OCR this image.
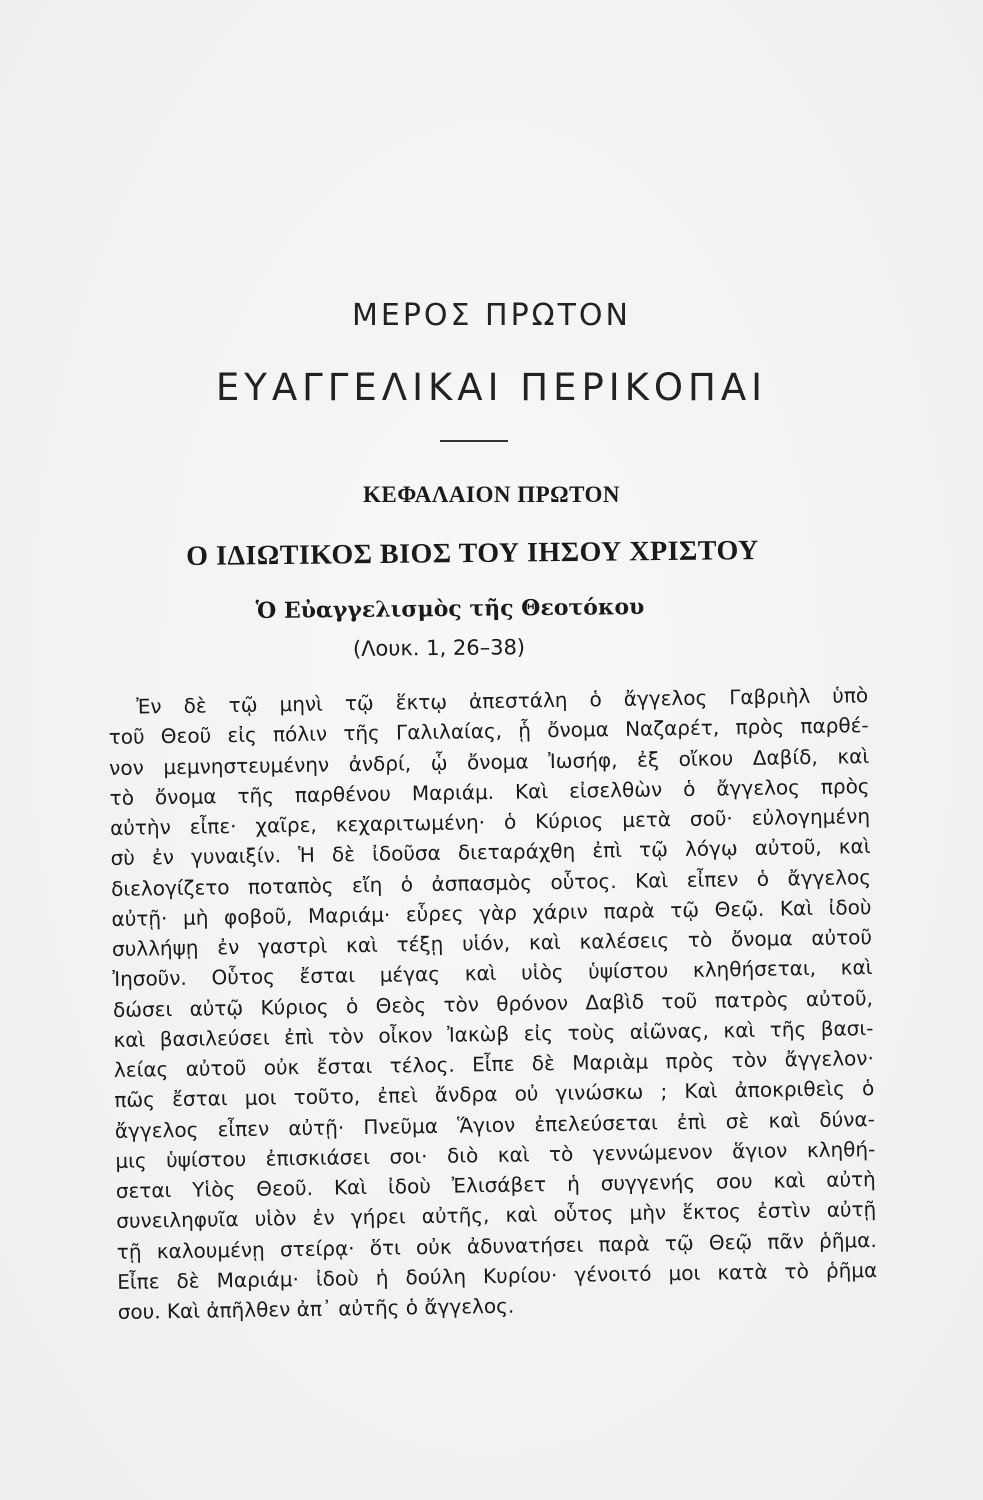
ΜΕΡΟΣ ΠΡΩΤΟΝ
ΕΥΑΓΓΕΛΙΚΑΙ ΠΕΡΙΚΟΠΑΙ
ΚΕΦΑΛΑΙΟΝ ΠΡΩΤΟΝ
Ο ΙΔΙΩΤΙΚΟΣ ΒΙΟΣ ΤΟΥ ΙΗΣΟΥ ΧΡΙΣΤΟΥ
Ὁ Εὐαγγελισμὸς τῆς Θεοτόκου
(Λουκ. 1, 26–38)
Ἐν δὲ τῷ μηνὶ τῷ ἕκτῳ ἀπεστάλη ὁ ἄγγελος Γαβριὴλ ὑπὸ
τοῦ Θεοῦ εἰς πόλιν τῆς Γαλιλαίας, ᾗ ὄνομα Ναζαρέτ, πρὸς παρθέ-
νον μεμνηστευμένην ἀνδρί, ᾧ ὄνομα Ἰωσήφ, ἐξ οἴκου Δαβίδ, καὶ
τὸ ὄνομα τῆς παρθένου Μαριάμ. Καὶ εἰσελθὼν ὁ ἄγγελος πρὸς
αὐτὴν εἶπε· χαῖρε, κεχαριτωμένη· ὁ Κύριος μετὰ σοῦ· εὐλογημένη
σὺ ἐν γυναιξίν. Ἡ δὲ ἰδοῦσα διεταράχθη ἐπὶ τῷ λόγῳ αὐτοῦ, καὶ
διελογίζετο ποταπὸς εἴη ὁ ἀσπασμὸς οὗτος. Καὶ εἶπεν ὁ ἄγγελος
αὐτῇ· μὴ φοβοῦ, Μαριάμ· εὗρες γὰρ χάριν παρὰ τῷ Θεῷ. Καὶ ἰδοὺ
συλλήψῃ ἐν γαστρὶ καὶ τέξῃ υἱόν, καὶ καλέσεις τὸ ὄνομα αὐτοῦ
Ἰησοῦν. Οὗτος ἔσται μέγας καὶ υἱὸς ὑψίστου κληθήσεται, καὶ
δώσει αὐτῷ Κύριος ὁ Θεὸς τὸν θρόνον Δαβὶδ τοῦ πατρὸς αὐτοῦ,
καὶ βασιλεύσει ἐπὶ τὸν οἶκον Ἰακὼβ εἰς τοὺς αἰῶνας, καὶ τῆς βασι-
λείας αὐτοῦ οὐκ ἔσται τέλος. Εἶπε δὲ Μαριὰμ πρὸς τὸν ἄγγελον·
πῶς ἔσται μοι τοῦτο, ἐπεὶ ἄνδρα οὐ γινώσκω ; Καὶ ἀποκριθεὶς ὁ
ἄγγελος εἶπεν αὐτῇ· Πνεῦμα Ἅγιον ἐπελεύσεται ἐπὶ σὲ καὶ δύνα-
μις ὑψίστου ἐπισκιάσει σοι· διὸ καὶ τὸ γεννώμενον ἅγιον κληθή-
σεται Υἱὸς Θεοῦ. Καὶ ἰδοὺ Ἐλισάβετ ἡ συγγενής σου καὶ αὐτὴ
συνειληφυῖα υἱὸν ἐν γήρει αὐτῆς, καὶ οὗτος μὴν ἕκτος ἐστὶν αὐτῇ
τῇ καλουμένῃ στείρᾳ· ὅτι οὐκ ἀδυνατήσει παρὰ τῷ Θεῷ πᾶν ῥῆμα.
Εἶπε δὲ Μαριάμ· ἰδοὺ ἡ δούλη Κυρίου· γένοιτό μοι κατὰ τὸ ῥῆμα
σου. Καὶ ἀπῆλθεν ἀπ᾽ αὐτῆς ὁ ἄγγελος.
